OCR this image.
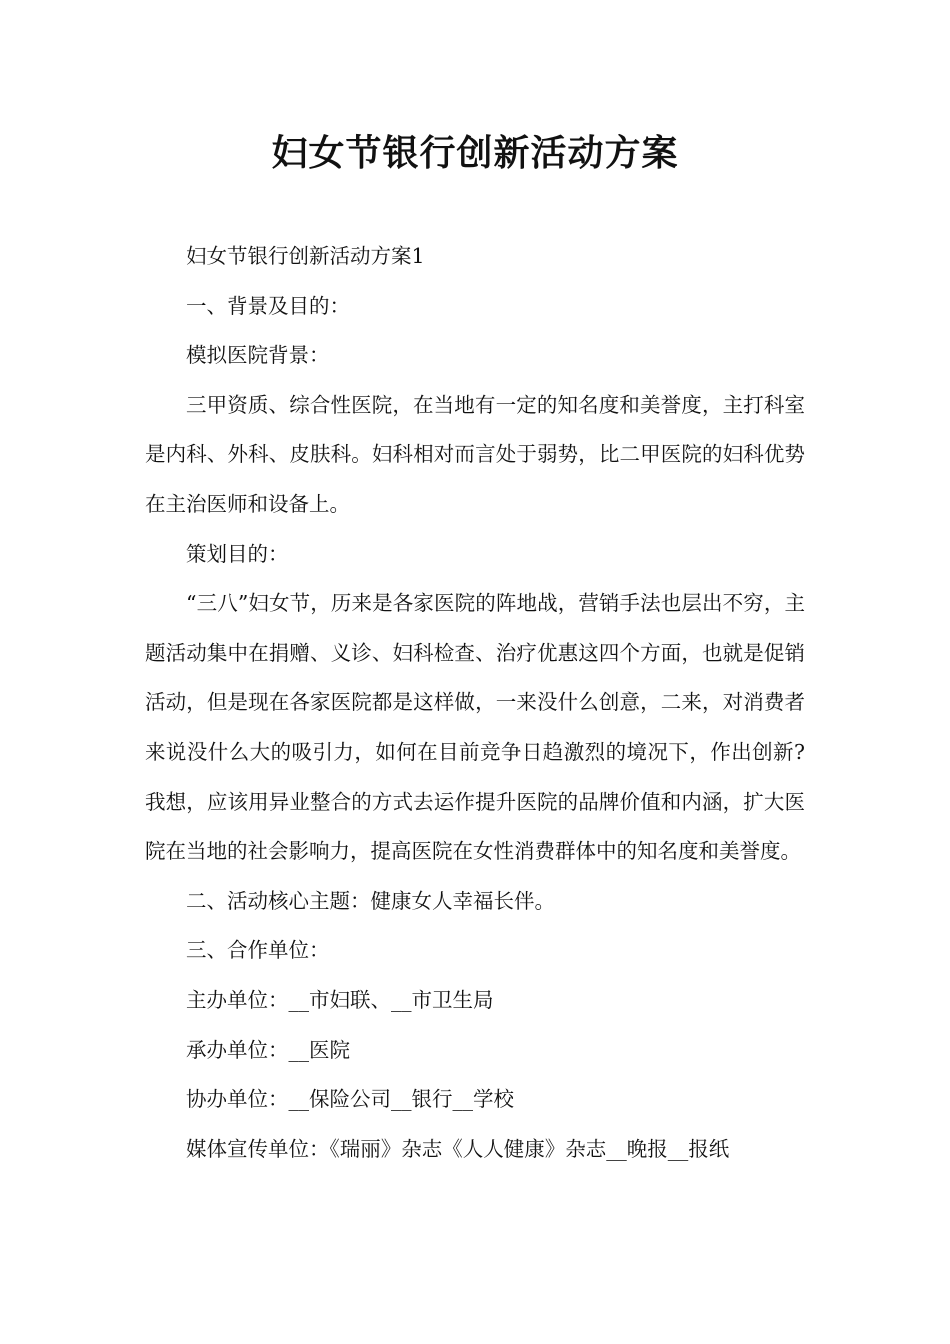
妇女节银行创新活动方案

妇女节银行创新活动方案1

一、背景及目的：

模拟医院背景：

三甲资质、综合性医院，在当地有一定的知名度和美誉度，主打科室是内科、外科、皮肤科。妇科相对而言处于弱势，比二甲医院的妇科优势在主治医师和设备上。

策划目的：

“三八”妇女节，历来是各家医院的阵地战，营销手法也层出不穷，主题活动集中在捐赠、义诊、妇科检查、治疗优惠这四个方面，也就是促销活动，但是现在各家医院都是这样做，一来没什么创意，二来，对消费者来说没什么大的吸引力，如何在目前竞争日趋激烈的境况下，作出创新?我想，应该用异业整合的方式去运作提升医院的品牌价值和内涵，扩大医院在当地的社会影响力，提高医院在女性消费群体中的知名度和美誉度。

二、活动核心主题：健康女人幸福长伴。

三、合作单位：

主办单位：__市妇联、__市卫生局

承办单位：__医院

协办单位：__保险公司__银行__学校

媒体宣传单位：《瑞丽》杂志《人人健康》杂志__晚报__报纸
